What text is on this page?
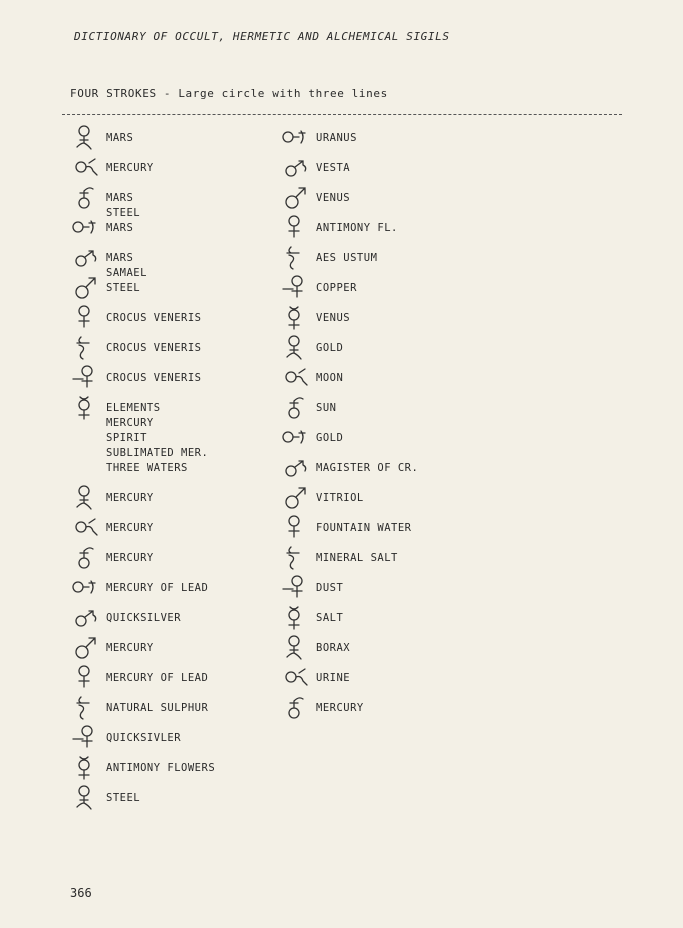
DICTIONARY OF OCCULT, HERMETIC AND ALCHEMICAL SIGILS
FOUR STROKES - Large circle with three lines
MARS
MERCURY
MARS
STEEL
MARS
MARS
SAMAEL
STEEL
CROCUS VENERIS
CROCUS VENERIS
CROCUS VENERIS
ELEMENTS
MERCURY
SPIRIT
SUBLIMATED MER.
THREE WATERS
MERCURY
MERCURY
MERCURY
MERCURY OF LEAD
QUICKSILVER
MERCURY
MERCURY OF LEAD
NATURAL SULPHUR
QUICKSIVLER
ANTIMONY FLOWERS
STEEL
URANUS
VESTA
VENUS
ANTIMONY FL.
AES USTUM
COPPER
VENUS
GOLD
MOON
SUN
GOLD
MAGISTER OF CR.
VITRIOL
FOUNTAIN WATER
MINERAL SALT
DUST
SALT
BORAX
URINE
MERCURY
366
